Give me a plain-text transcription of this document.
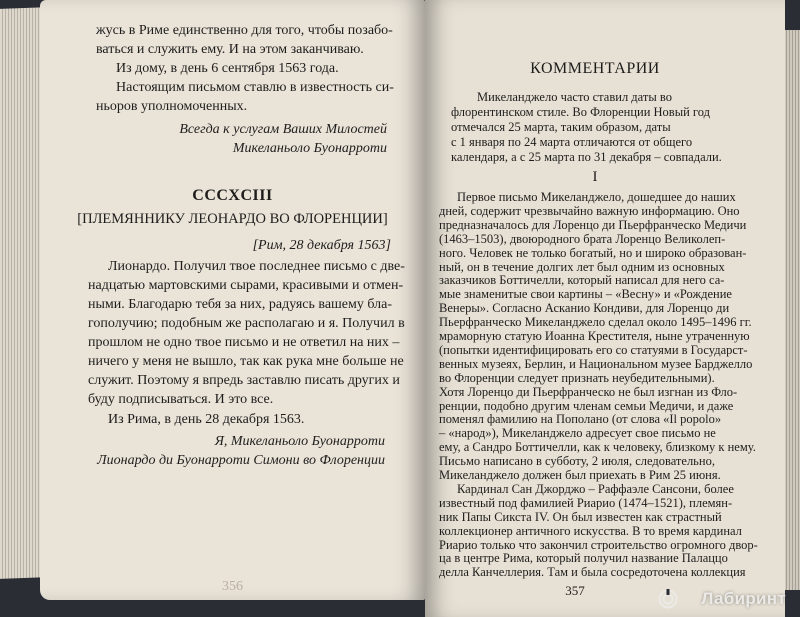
жусь в Риме единственно для того, чтобы позабо-

ваться и служить ему. И на этом заканчиваю.

Из дому, в день 6 сентября 1563 года.

Настоящим письмом ставлю в известность си-

ньоров уполномоченных.

Всегда к услугам Ваших Милостей

Микеланьоло Буонарроти

CCCXCIII

[ПЛЕМЯННИКУ ЛЕОНАРДО ВО ФЛОРЕНЦИИ]

[Рим, 28 декабря 1563]

Лионардо. Получил твое последнее письмо с две-

надцатью мартовскими сырами, красивыми и отмен-

ными. Благодарю тебя за них, радуясь вашему бла-

гополучию; подобным же располагаю и я. Получил в

прошлом не одно твое письмо и не ответил на них –

ничего у меня не вышло, так как рука мне больше не

служит. Поэтому я впредь заставлю писать других и

буду подписываться. И это все.

Из Рима, в день 28 декабря 1563.

Я, Микеланьоло Буонарроти

Лионардо ди Буонарроти Симони во Флоренции

356

КОММЕНТАРИИ

Микеланджело часто ставил даты во

флорентинском стиле. Во Флоренции Новый год

отмечался 25 марта, таким образом, даты

с 1 января по 24 марта отличаются от общего

календаря, а с 25 марта по 31 декабря – совпадали.

I

Первое письмо Микеланджело, дошедшее до наших

дней, содержит чрезвычайно важную информацию. Оно

предназначалось для Лоренцо ди Пьерфранческо Медичи

(1463–1503), двоюродного брата Лоренцо Великолеп-

ного. Человек не только богатый, но и широко образован-

ный, он в течение долгих лет был одним из основных

заказчиков Боттичелли, который написал для него са-

мые знаменитые свои картины – «Весну» и «Рождение

Венеры». Согласно Асканио Кондиви, для Лоренцо ди

Пьерфранческо Микеланджело сделал около 1495–1496 гг.

мраморную статую Иоанна Крестителя, ныне утраченную

(попытки идентифицировать его со статуями в Государст-

венных музеях, Берлин, и Национальном музее Барджелло

во Флоренции следует признать неубедительными).

Хотя Лоренцо ди Пьерфранческо не был изгнан из Фло-

ренции, подобно другим членам семьи Медичи, и даже

поменял фамилию на Пополано (от слова «Il popolo»

– «народ»), Микеланджело адресует свое письмо не

ему, а Сандро Боттичелли, как к человеку, близкому к нему.

Письмо написано в субботу, 2 июля, следовательно,

Микеланджело должен был приехать в Рим 25 июня.

Кардинал Сан Джорджо – Раффаэле Сансони, более

известный под фамилией Риарио (1474–1521), племян-

ник Папы Сикста IV. Он был известен как страстный

коллекционер античного искусства. В то время кардинал

Риарио только что закончил строительство огромного двор-

ца в центре Рима, который получил название Палаццо

делла Канчеллерия. Там и была сосредоточена коллекция

357	Лабиринт
